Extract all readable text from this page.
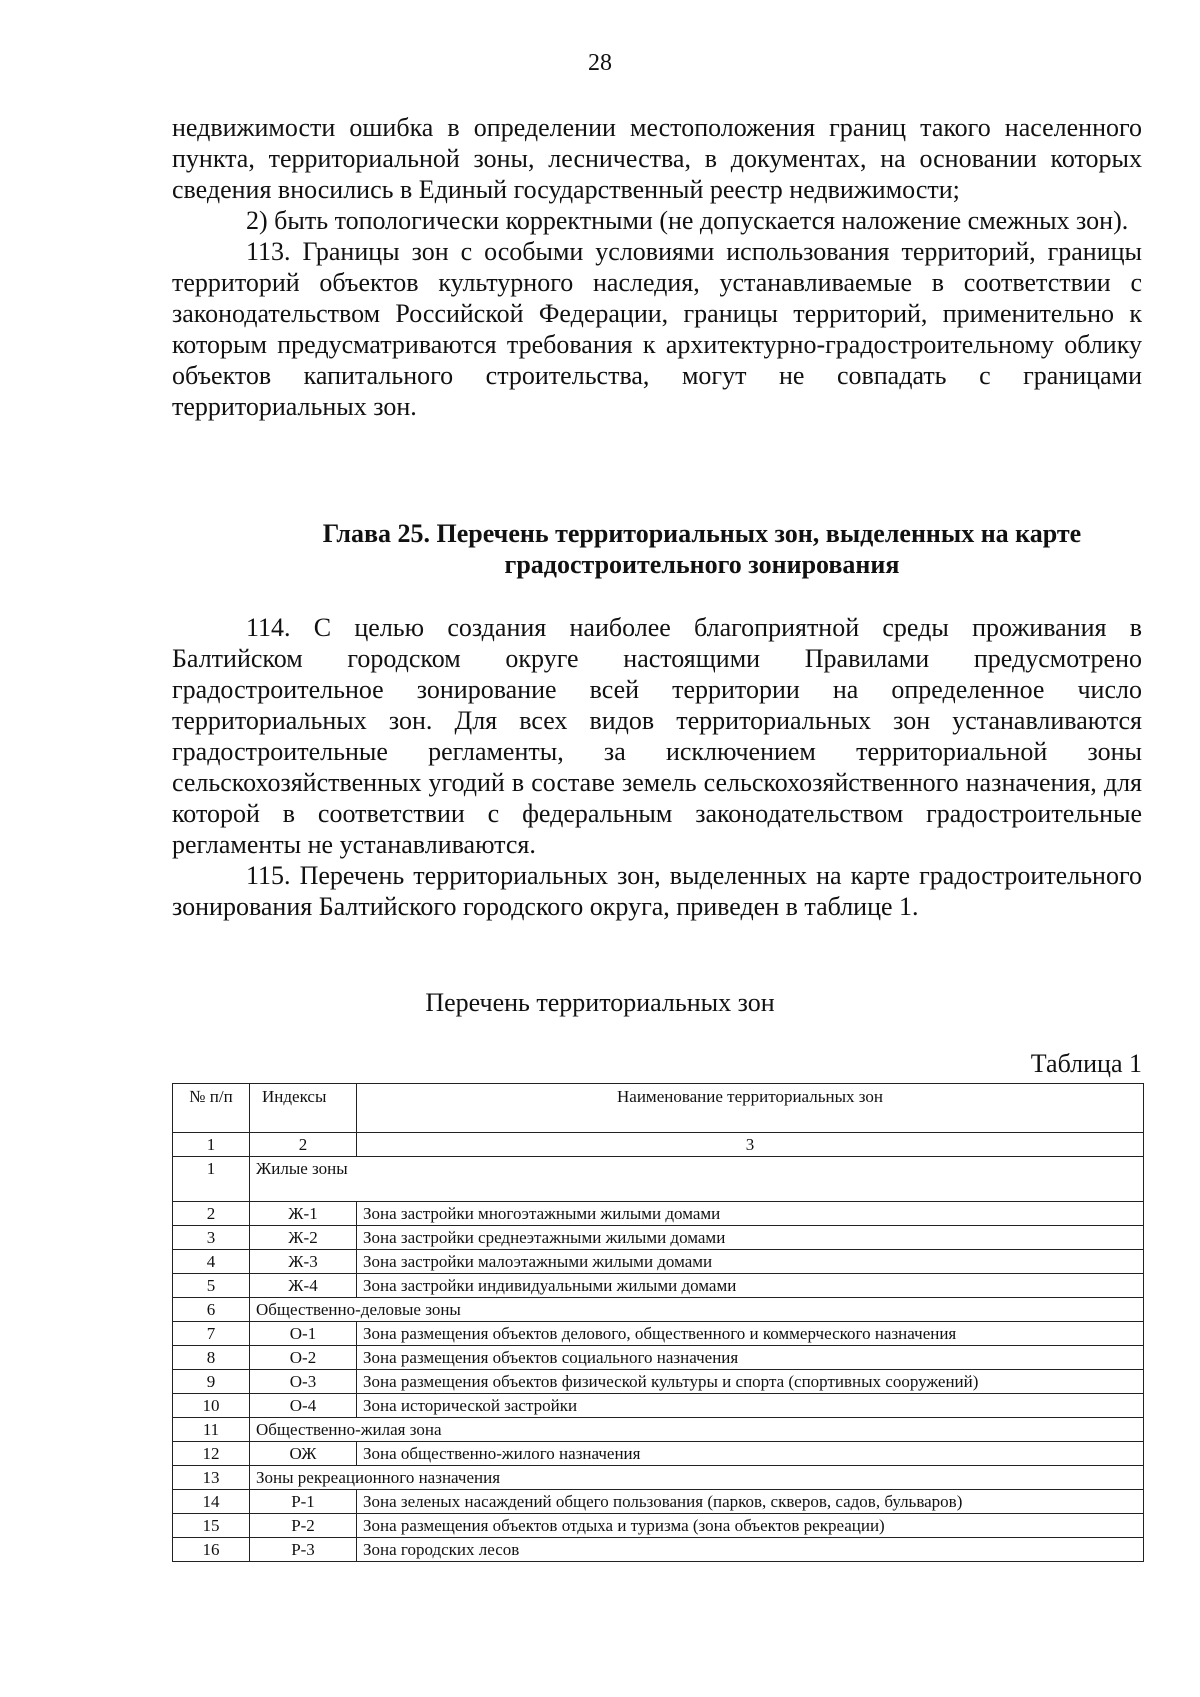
28

недвижимости ошибка в определении местоположения границ такого населенного пункта, территориальной зоны, лесничества, в документах, на основании которых сведения вносились в Единый государственный реестр недвижимости;

2) быть топологически корректными (не допускается наложение смежных зон).

113. Границы зон с особыми условиями использования территорий, границы территорий объектов культурного наследия, устанавливаемые в соответствии с законодательством Российской Федерации, границы территорий, применительно к которым предусматриваются требования к архитектурно-градостроительному облику объектов капитального строительства, могут не совпадать с границами территориальных зон.

Глава 25. Перечень территориальных зон, выделенных на карте
градостроительного зонирования

114. С целью создания наиболее благоприятной среды проживания в Балтийском городском округе настоящими Правилами предусмотрено градостроительное зонирование всей территории на определенное число территориальных зон. Для всех видов территориальных зон устанавливаются градостроительные регламенты, за исключением территориальной зоны сельскохозяйственных угодий в составе земель сельскохозяйственного назначения, для которой в соответствии с федеральным законодательством градостроительные регламенты не устанавливаются.

115. Перечень территориальных зон, выделенных на карте градостроительного зонирования Балтийского городского округа, приведен в таблице 1.

Перечень территориальных зон
Таблица 1
№ п/п	Индексы	Наименование территориальных зон
1	2	3
1	Жилые зоны	
2	Ж-1	Зона застройки многоэтажными жилыми домами
3	Ж-2	Зона застройки среднеэтажными жилыми домами
4	Ж-3	Зона застройки малоэтажными жилыми домами
5	Ж-4	Зона застройки индивидуальными жилыми домами
6	Общественно-деловые зоны	
7	О-1	Зона размещения объектов делового, общественного и коммерческого назначения
8	О-2	Зона размещения объектов социального назначения
9	О-3	Зона размещения объектов физической культуры и спорта (спортивных сооружений)
10	О-4	Зона исторической застройки
11	Общественно-жилая зона	
12	ОЖ	Зона общественно-жилого назначения
13	Зоны рекреационного назначения	
14	Р-1	Зона зеленых насаждений общего пользования (парков, скверов, садов, бульваров)
15	Р-2	Зона размещения объектов отдыха и туризма (зона объектов рекреации)
16	Р-3	Зона городских лесов
